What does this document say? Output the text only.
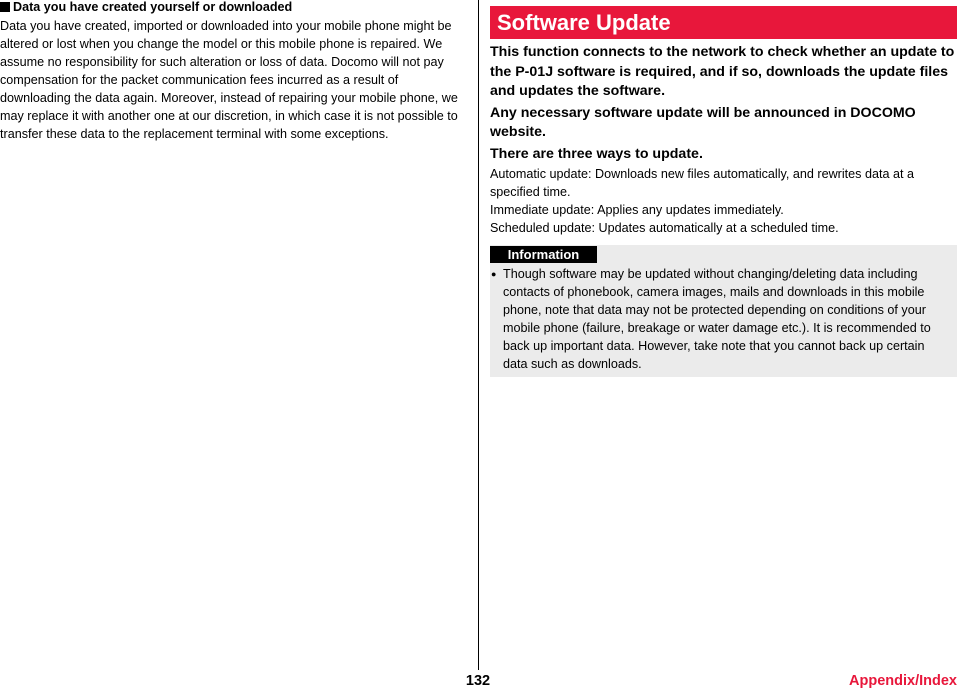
Data you have created yourself or downloaded

Data you have created, imported or downloaded into your mobile phone might be altered or lost when you change the model or this mobile phone is repaired. We assume no responsibility for such alteration or loss of data. Docomo will not pay compensation for the packet communication fees incurred as a result of downloading the data again. Moreover, instead of repairing your mobile phone, we may replace it with another one at our discretion, in which case it is not possible to transfer these data to the replacement terminal with some exceptions.

Software Update

This function connects to the network to check whether an update to the P-01J software is required, and if so, downloads the update files and updates the software.

Any necessary software update will be announced in DOCOMO website.

There are three ways to update.

Automatic update: Downloads new files automatically, and rewrites data at a specified time.
Immediate update: Applies any updates immediately.
Scheduled update: Updates automatically at a scheduled time.
Information
● Though software may be updated without changing/deleting data including contacts of phonebook, camera images, mails and downloads in this mobile phone, note that data may not be protected depending on conditions of your mobile phone (failure, breakage or water damage etc.). It is recommended to back up important data. However, take note that you cannot back up certain data such as downloads.
132	Appendix/Index
